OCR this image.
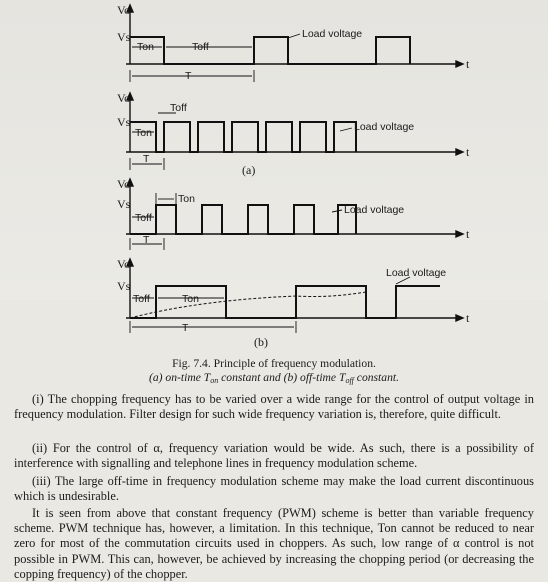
Vo
Vs
Ton	Toff
T
t
Load voltage
Vo
Vs
Ton
Toff
T	t
Load voltage
(a)
Vo
Vs
Toff
Ton
T	t
Load voltage
Vo
Vs
Toff	Ton
T
t
Load voltage
(b)
Fig. 7.4. Principle of frequency modulation.
(a) on-time $T_{on}$ constant and (b) off-time $T_{off}$ constant.
(i) The chopping frequency has to be varied over a wide range for the control of output voltage in frequency modulation. Filter design for such wide frequency variation is, therefore, quite difficult.
(ii) For the control of α, frequency variation would be wide. As such, there is a possibility of interference with signalling and telephone lines in frequency modulation scheme.
(iii) The large off-time in frequency modulation scheme may make the load current discontinuous which is undesirable.
It is seen from above that constant frequency (PWM) scheme is better than variable frequency scheme. PWM technique has, however, a limitation. In this technique, Ton cannot be reduced to near zero for most of the commutation circuits used in choppers. As such, low range of α control is not possible in PWM. This can, however, be achieved by increasing the chopping period (or decreasing the copping frequency) of the chopper.
